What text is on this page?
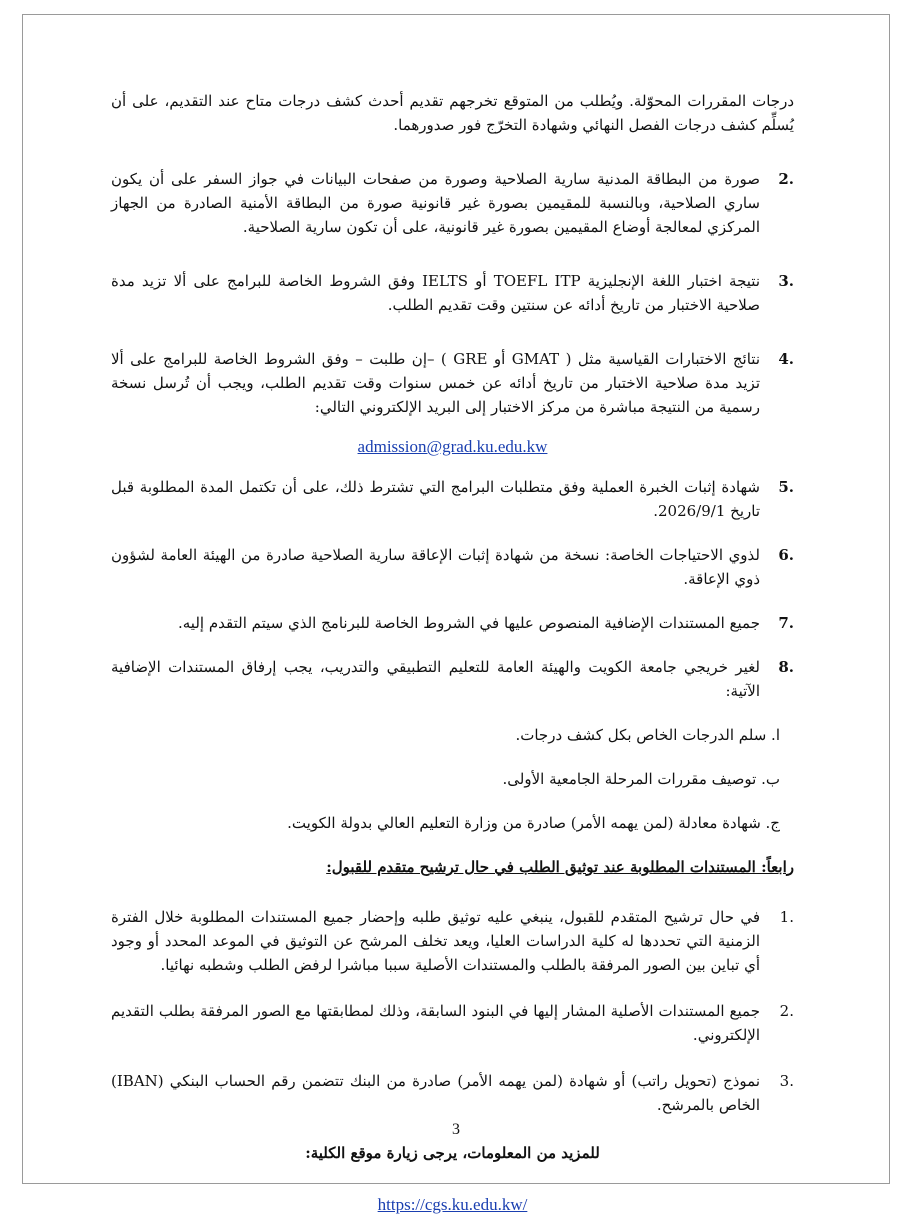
درجات المقررات المحوّلة. ويُطلب من المتوقع تخرجهم تقديم أحدث كشف درجات متاح عند التقديم، على أن يُسلِّم كشف درجات الفصل النهائي وشهادة التخرّج فور صدورهما.

.2
صورة من البطاقة المدنية سارية الصلاحية وصورة من صفحات البيانات في جواز السفر على أن يكون ساري الصلاحية، وبالنسبة للمقيمين بصورة غير قانونية صورة من البطاقة الأمنية الصادرة من الجهاز المركزي لمعالجة أوضاع المقيمين بصورة غير قانونية، على أن تكون سارية الصلاحية.
.3
نتيجة اختبار اللغة الإنجليزية TOEFL ITP أو IELTS وفق الشروط الخاصة للبرامج على ألا تزيد مدة صلاحية الاختبار من تاريخ أدائه عن سنتين وقت تقديم الطلب.
.4
نتائج الاختبارات القياسية مثل ( GMAT أو GRE ) –إن طلبت – وفق الشروط الخاصة للبرامج على ألا تزيد مدة صلاحية الاختبار من تاريخ أدائه عن خمس سنوات وقت تقديم الطلب، ويجب أن تُرسل نسخة رسمية من النتيجة مباشرة من مركز الاختبار إلى البريد الإلكتروني التالي:
admission@grad.ku.edu.kw
.5
شهادة إثبات الخبرة العملية وفق متطلبات البرامج التي تشترط ذلك، على أن تكتمل المدة المطلوبة قبل تاريخ 2026/9/1.
.6
لذوي الاحتياجات الخاصة: نسخة من شهادة إثبات الإعاقة سارية الصلاحية صادرة من الهيئة العامة لشؤون ذوي الإعاقة.
.7
جميع المستندات الإضافية المنصوص عليها في الشروط الخاصة للبرنامج الذي سيتم التقدم إليه.
.8
لغير خريجي جامعة الكويت والهيئة العامة للتعليم التطبيقي والتدريب، يجب إرفاق المستندات الإضافية الآتية:

ا. سلم الدرجات الخاص بكل كشف درجات.

ب. توصيف مقررات المرحلة الجامعية الأولى.

ج. شهادة معادلة (لمن يهمه الأمر) صادرة من وزارة التعليم العالي بدولة الكويت.

رابعاً: المستندات المطلوبة عند توثيق الطلب في حال ترشيح متقدم للقبول:

.1
في حال ترشيح المتقدم للقبول، ينبغي عليه توثيق طلبه وإحضار جميع المستندات المطلوبة خلال الفترة الزمنية التي تحددها له كلية الدراسات العليا، ويعد تخلف المرشح عن التوثيق في الموعد المحدد أو وجود أي تباين بين الصور المرفقة بالطلب والمستندات الأصلية سببا مباشرا لرفض الطلب وشطبه نهائيا.
.2
جميع المستندات الأصلية المشار إليها في البنود السابقة، وذلك لمطابقتها مع الصور المرفقة بطلب التقديم الإلكتروني.
.3
نموذج (تحويل راتب) أو شهادة (لمن يهمه الأمر) صادرة من البنك تتضمن رقم الحساب البنكي (IBAN) الخاص بالمرشح.

للمزيد من المعلومات، يرجى زيارة موقع الكلية:

https://cgs.ku.edu.kw/
3
